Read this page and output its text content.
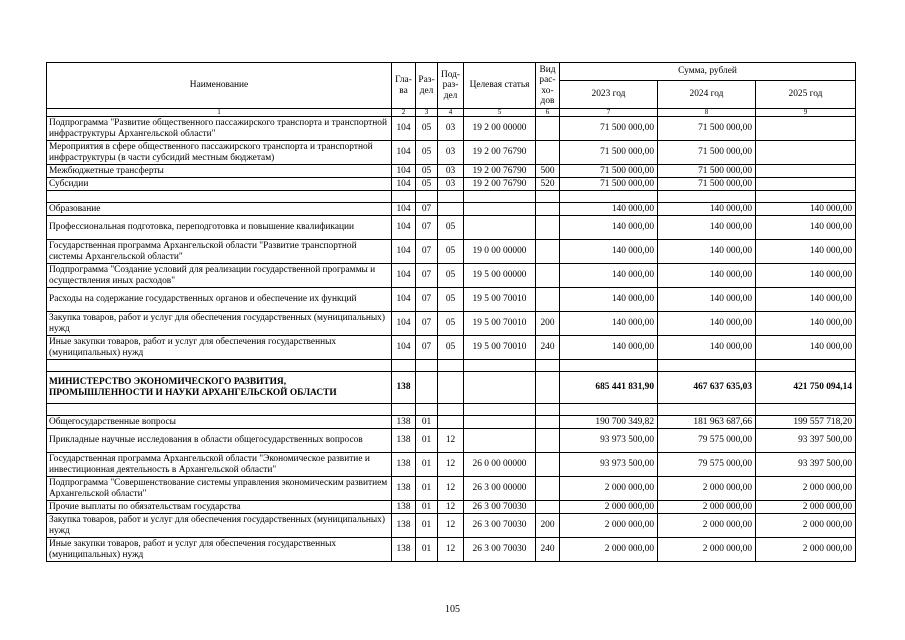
Наименование	Гла-ва	Раз-дел	Под-раз-дел	Целевая статья	Вид рас-хо-дов	Сумма, рублей		
						2023 год	2024 год	2025 год
1	2	3	4	5	6	7	8	9
Подпрограмма "Развитие общественного пассажирского транспорта и транспортной инфраструктуры Архангельской области"	104	05	03	19 2 00 00000		71 500 000,00	71 500 000,00	
Мероприятия в сфере общественного пассажирского транспорта и транспортной инфраструктуры (в части субсидий местным бюджетам)	104	05	03	19 2 00 76790		71 500 000,00	71 500 000,00	
Межбюджетные трансферты	104	05	03	19 2 00 76790	500	71 500 000,00	71 500 000,00	
Субсидии	104	05	03	19 2 00 76790	520	71 500 000,00	71 500 000,00	

Образование	104	07				140 000,00	140 000,00	140 000,00
Профессиональная подготовка, переподготовка и повышение квалификации	104	07	05			140 000,00	140 000,00	140 000,00
Государственная программа Архангельской области "Развитие транспортной системы Архангельской области"	104	07	05	19 0 00 00000		140 000,00	140 000,00	140 000,00
Подпрограмма "Создание условий для реализации государственной программы и осуществления иных расходов"	104	07	05	19 5 00 00000		140 000,00	140 000,00	140 000,00
Расходы на содержание государственных органов и обеспечение их функций	104	07	05	19 5 00 70010		140 000,00	140 000,00	140 000,00
Закупка товаров, работ и услуг для обеспечения государственных (муниципальных) нужд	104	07	05	19 5 00 70010	200	140 000,00	140 000,00	140 000,00
Иные закупки товаров, работ и услуг для обеспечения государственных (муниципальных) нужд	104	07	05	19 5 00 70010	240	140 000,00	140 000,00	140 000,00

МИНИСТЕРСТВО ЭКОНОМИЧЕСКОГО РАЗВИТИЯ, ПРОМЫШЛЕННОСТИ И НАУКИ АРХАНГЕЛЬСКОЙ ОБЛАСТИ	138					685 441 831,90	467 637 635,03	421 750 094,14

Общегосударственные вопросы	138	01				190 700 349,82	181 963 687,66	199 557 718,20
Прикладные научные исследования в области общегосударственных вопросов	138	01	12			93 973 500,00	79 575 000,00	93 397 500,00
Государственная программа Архангельской области "Экономическое развитие и инвестиционная деятельность в Архангельской области"	138	01	12	26 0 00 00000		93 973 500,00	79 575 000,00	93 397 500,00
Подпрограмма "Совершенствование системы управления экономическим развитием Архангельской области"	138	01	12	26 3 00 00000		2 000 000,00	2 000 000,00	2 000 000,00
Прочие выплаты по обязательствам государства	138	01	12	26 3 00 70030		2 000 000,00	2 000 000,00	2 000 000,00
Закупка товаров, работ и услуг для обеспечения государственных (муниципальных) нужд	138	01	12	26 3 00 70030	200	2 000 000,00	2 000 000,00	2 000 000,00
Иные закупки товаров, работ и услуг для обеспечения государственных (муниципальных) нужд	138	01	12	26 3 00 70030	240	2 000 000,00	2 000 000,00	2 000 000,00
105
